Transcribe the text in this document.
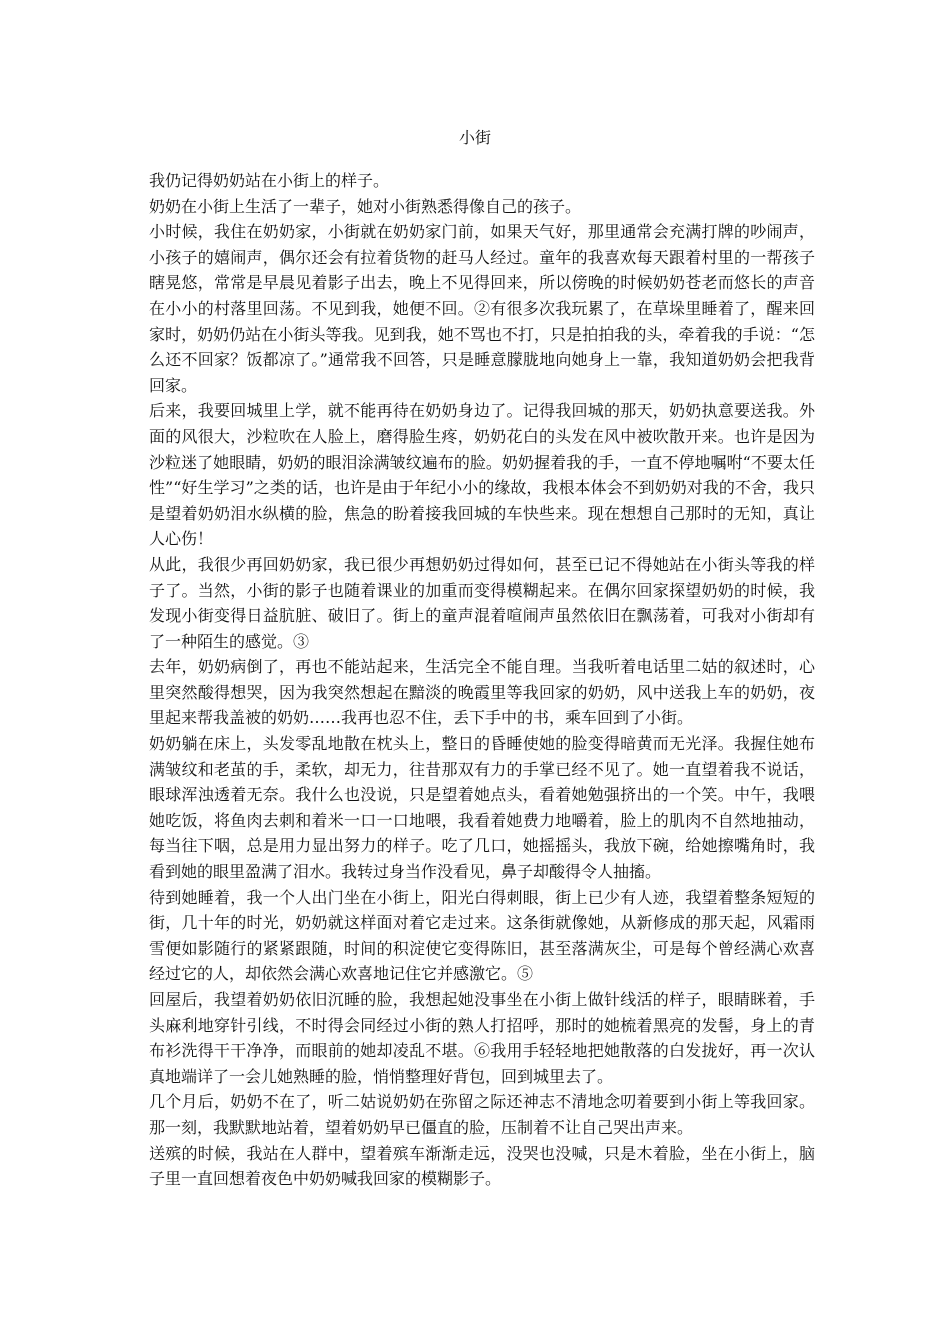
小街

我仍记得奶奶站在小街上的样子。

奶奶在小街上生活了一辈子，她对小街熟悉得像自己的孩子。

小时候，我住在奶奶家，小街就在奶奶家门前，如果天气好，那里通常会充满打牌的吵闹声，小孩子的嬉闹声，偶尔还会有拉着货物的赶马人经过。童年的我喜欢每天跟着村里的一帮孩子瞎晃悠，常常是早晨见着影子出去，晚上不见得回来，所以傍晚的时候奶奶苍老而悠长的声音在小小的村落里回荡。不见到我，她便不回。②有很多次我玩累了，在草垛里睡着了，醒来回家时，奶奶仍站在小街头等我。见到我，她不骂也不打，只是拍拍我的头，牵着我的手说：“怎么还不回家？饭都凉了。”通常我不回答，只是睡意朦胧地向她身上一靠，我知道奶奶会把我背回家。

后来，我要回城里上学，就不能再待在奶奶身边了。记得我回城的那天，奶奶执意要送我。外面的风很大，沙粒吹在人脸上，磨得脸生疼，奶奶花白的头发在风中被吹散开来。也许是因为沙粒迷了她眼睛，奶奶的眼泪涂满皱纹遍布的脸。奶奶握着我的手，一直不停地嘱咐“不要太任性”“好生学习”之类的话，也许是由于年纪小小的缘故，我根本体会不到奶奶对我的不舍，我只是望着奶奶泪水纵横的脸，焦急的盼着接我回城的车快些来。现在想想自己那时的无知，真让人心伤！

从此，我很少再回奶奶家，我已很少再想奶奶过得如何，甚至已记不得她站在小街头等我的样子了。当然，小街的影子也随着课业的加重而变得模糊起来。在偶尔回家探望奶奶的时候，我发现小街变得日益肮脏、破旧了。街上的童声混着喧闹声虽然依旧在飘荡着，可我对小街却有了一种陌生的感觉。③

去年，奶奶病倒了，再也不能站起来，生活完全不能自理。当我听着电话里二姑的叙述时，心里突然酸得想哭，因为我突然想起在黯淡的晚霞里等我回家的奶奶，风中送我上车的奶奶，夜里起来帮我盖被的奶奶……我再也忍不住，丢下手中的书，乘车回到了小街。

奶奶躺在床上，头发零乱地散在枕头上，整日的昏睡使她的脸变得暗黄而无光泽。我握住她布满皱纹和老茧的手，柔软，却无力，往昔那双有力的手掌已经不见了。她一直望着我不说话，眼球浑浊透着无奈。我什么也没说，只是望着她点头，看着她勉强挤出的一个笑。中午，我喂她吃饭，将鱼肉去刺和着米一口一口地喂，我看着她费力地嚼着，脸上的肌肉不自然地抽动，每当往下咽，总是用力显出努力的样子。吃了几口，她摇摇头，我放下碗，给她擦嘴角时，我看到她的眼里盈满了泪水。我转过身当作没看见，鼻子却酸得令人抽搐。

待到她睡着，我一个人出门坐在小街上，阳光白得刺眼，街上已少有人迹，我望着整条短短的街，几十年的时光，奶奶就这样面对着它走过来。这条街就像她，从新修成的那天起，风霜雨雪便如影随行的紧紧跟随，时间的积淀使它变得陈旧，甚至落满灰尘，可是每个曾经满心欢喜经过它的人，却依然会满心欢喜地记住它并感激它。⑤

回屋后，我望着奶奶依旧沉睡的脸，我想起她没事坐在小街上做针线活的样子，眼睛眯着，手头麻利地穿针引线，不时得会同经过小街的熟人打招呼，那时的她梳着黑亮的发髻，身上的青布衫洗得干干净净，而眼前的她却凌乱不堪。⑥我用手轻轻地把她散落的白发拢好，再一次认真地端详了一会儿她熟睡的脸，悄悄整理好背包，回到城里去了。

几个月后，奶奶不在了，听二姑说奶奶在弥留之际还神志不清地念叨着要到小街上等我回家。那一刻，我默默地站着，望着奶奶早已僵直的脸，压制着不让自己哭出声来。

送殡的时候，我站在人群中，望着殡车渐渐走远，没哭也没喊，只是木着脸，坐在小街上，脑子里一直回想着夜色中奶奶喊我回家的模糊影子。
